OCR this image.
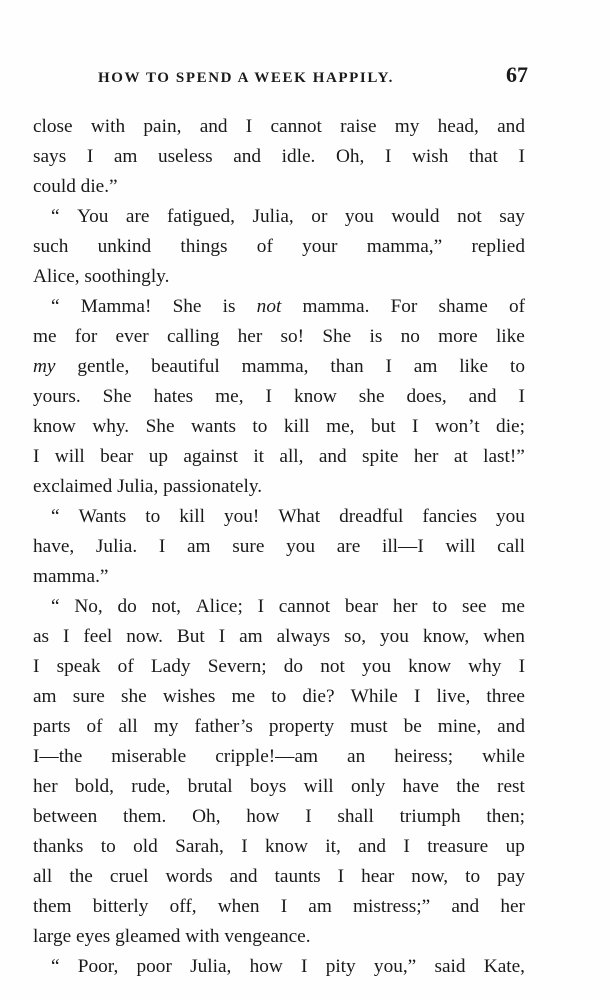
HOW TO SPEND A WEEK HAPPILY.	67
close with pain, and I cannot raise my head, and
says I am useless and idle. Oh, I wish that I
could
die.”
“ You are fatigued, Julia, or you would not say
such unkind things of your mamma,” replied
Alice,
soothingly.
“ Mamma! She is not mamma. For shame of
me for ever calling her so! She is no more like
my gentle, beautiful mamma, than I am like to
yours. She hates me, I know she does, and I
know why. She wants to kill me, but I won’t die;
I will bear up against it all, and spite her at last!”
exclaimed
Julia,
passionately.
“ Wants to kill you! What dreadful fancies you
have, Julia. I am sure you are ill—I will call
mamma.”
“ No, do not, Alice; I cannot bear her to see me
as I feel now. But I am always so, you know, when
I speak of Lady Severn; do not you know why I
am sure she wishes me to die? While I live, three
parts of all my father’s property must be mine, and
I—the miserable cripple!—am an heiress; while
her bold, rude, brutal boys will only have the rest
between them. Oh, how I shall triumph then;
thanks to old Sarah, I know it, and I treasure up
all the cruel words and taunts I hear now, to pay
them bitterly off, when I am mistress;” and her
large
eyes
gleamed
with
vengeance.
“ Poor, poor Julia, how I pity you,” said Kate,
